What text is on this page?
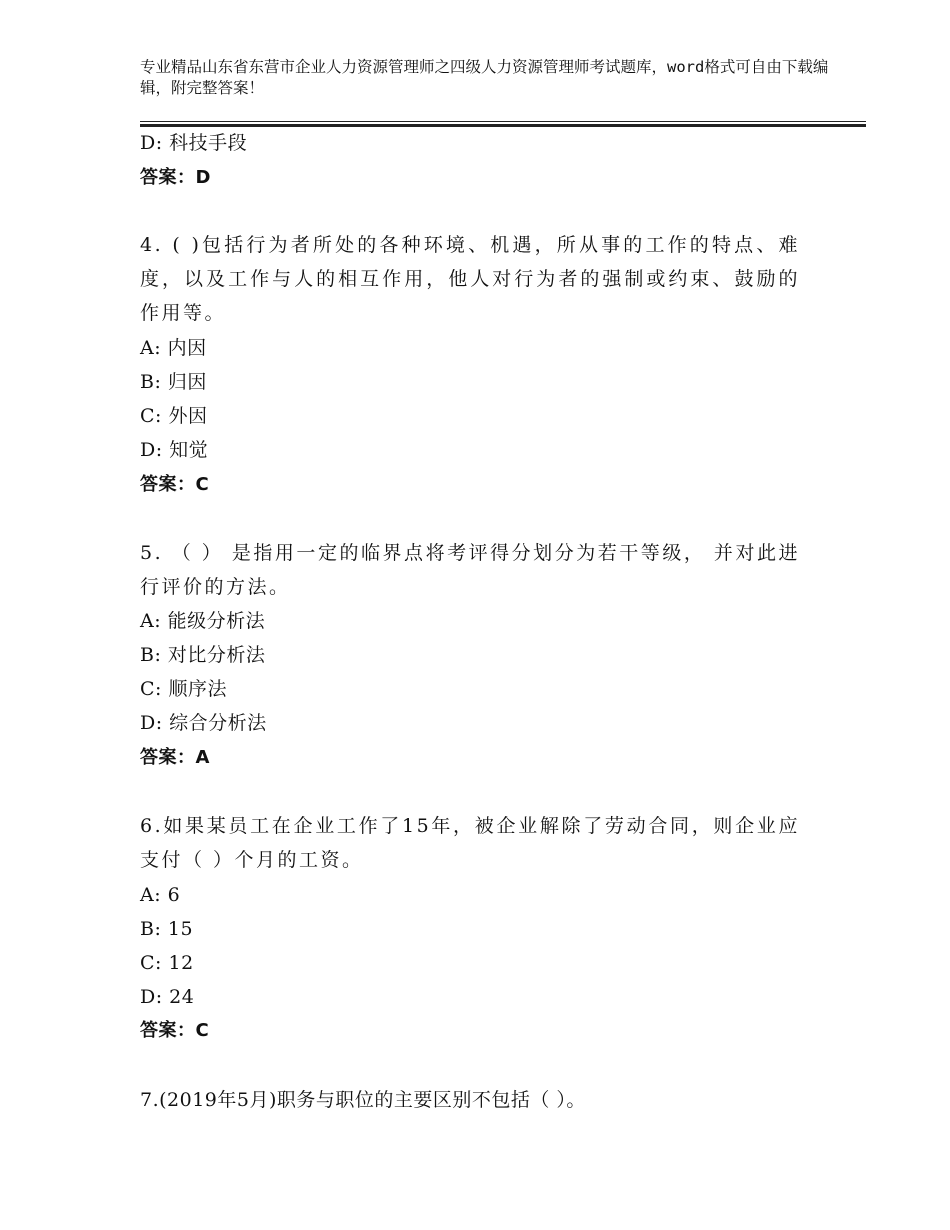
专业精品山东省东营市企业人力资源管理师之四级人力资源管理师考试题库，word格式可自由下载编辑，附完整答案！
D: 科技手段
答案：D
4. ( )包括行为者所处的各种环境、机遇，所从事的工作的特点、难度，以及工作与人的相互作用，他人对行为者的强制或约束、鼓励的作用等。
A: 内因
B: 归因
C: 外因
D: 知觉
答案：C
5. （ ） 是指用一定的临界点将考评得分划分为若干等级， 并对此进行评价的方法。
A: 能级分析法
B: 对比分析法
C: 顺序法
D: 综合分析法
答案：A
6.如果某员工在企业工作了15年，被企业解除了劳动合同，则企业应支付（ ）个月的工资。
A: 6
B: 15
C: 12
D: 24
答案：C
7.(2019年5月)职务与职位的主要区别不包括（ ）。
